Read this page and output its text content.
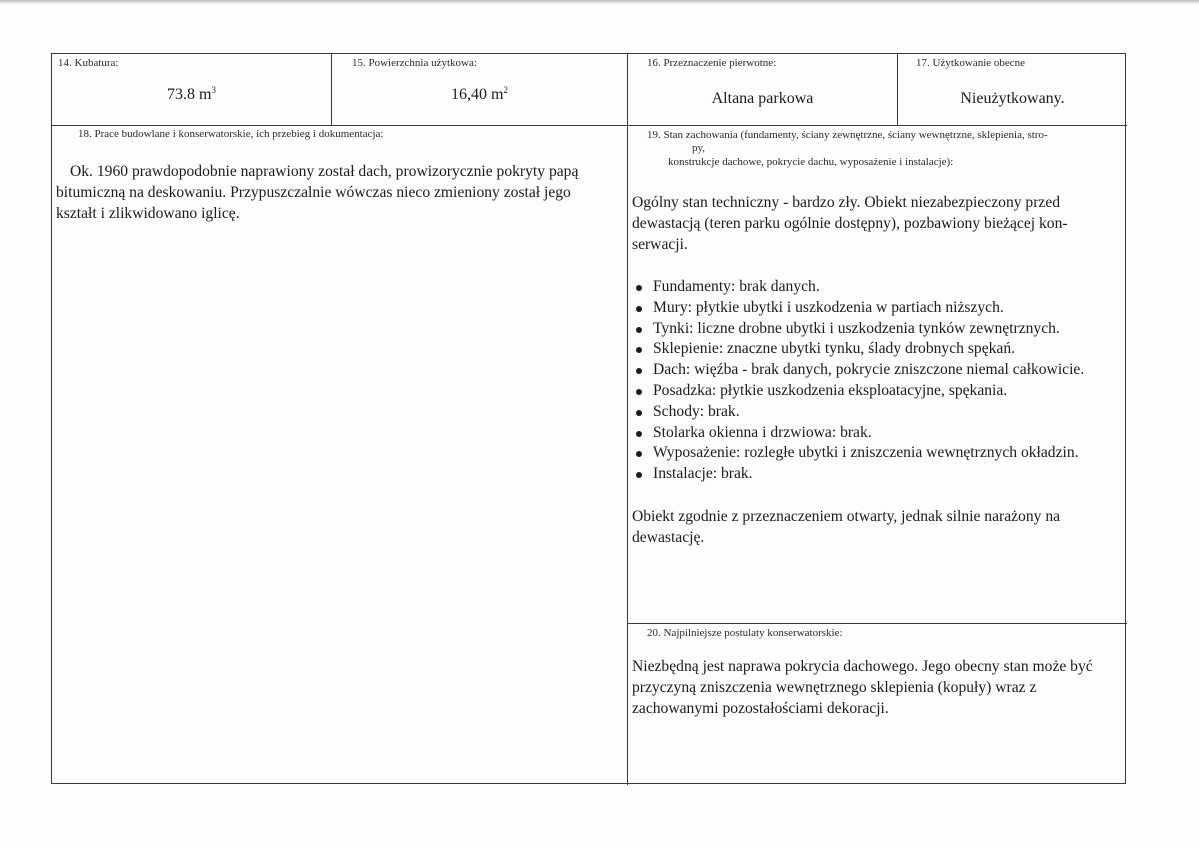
14. Kubatura:
73.8 $m^3$
15. Powierzchnia użytkowa:
16,40 $m^2$
16. Przeznaczenie pierwotne:
Altana parkowa
17. Użytkowanie obecne
Nieużytkowany.
18. Prace budowlane i konserwatorskie, ich przebieg i dokumentacja:

Ok. 1960 prawdopodobnie naprawiony został dach, prowizorycznie pokryty papą bitumiczną na deskowaniu. Przypuszczalnie wówczas nieco zmieniony został jego kształt i zlikwidowano iglicę.

19. Stan zachowania (fundamenty, ściany zewnętrzne, ściany wewnętrzne, sklepienia, stro-
py,
konstrukcje dachowe, pokrycie dachu, wyposażenie i instalacje):

Ogólny stan techniczny - bardzo zły. Obiekt niezabezpieczony przed dewastacją (teren parku ogólnie dostępny), pozbawiony bieżącej kon-serwacji.

Fundamenty: brak danych.
Mury: płytkie ubytki i uszkodzenia w partiach niższych.
Tynki: liczne drobne ubytki i uszkodzenia tynków zewnętrznych.
Sklepienie: znaczne ubytki tynku, ślady drobnych spękań.
Dach: więźba - brak danych, pokrycie zniszczone niemal całkowicie.
Posadzka: płytkie uszkodzenia eksploatacyjne, spękania.
Schody: brak.
Stolarka okienna i drzwiowa: brak.
Wyposażenie: rozległe ubytki i zniszczenia wewnętrznych okładzin.
Instalacje: brak.

Obiekt zgodnie z przeznaczeniem otwarty, jednak silnie narażony na dewastację.

20. Najpilniejsze postulaty konserwatorskie:

Niezbędną jest naprawa pokrycia dachowego. Jego obecny stan może być przyczyną zniszczenia wewnętrznego sklepienia (kopuły) wraz z zachowanymi pozostałościami dekoracji.
